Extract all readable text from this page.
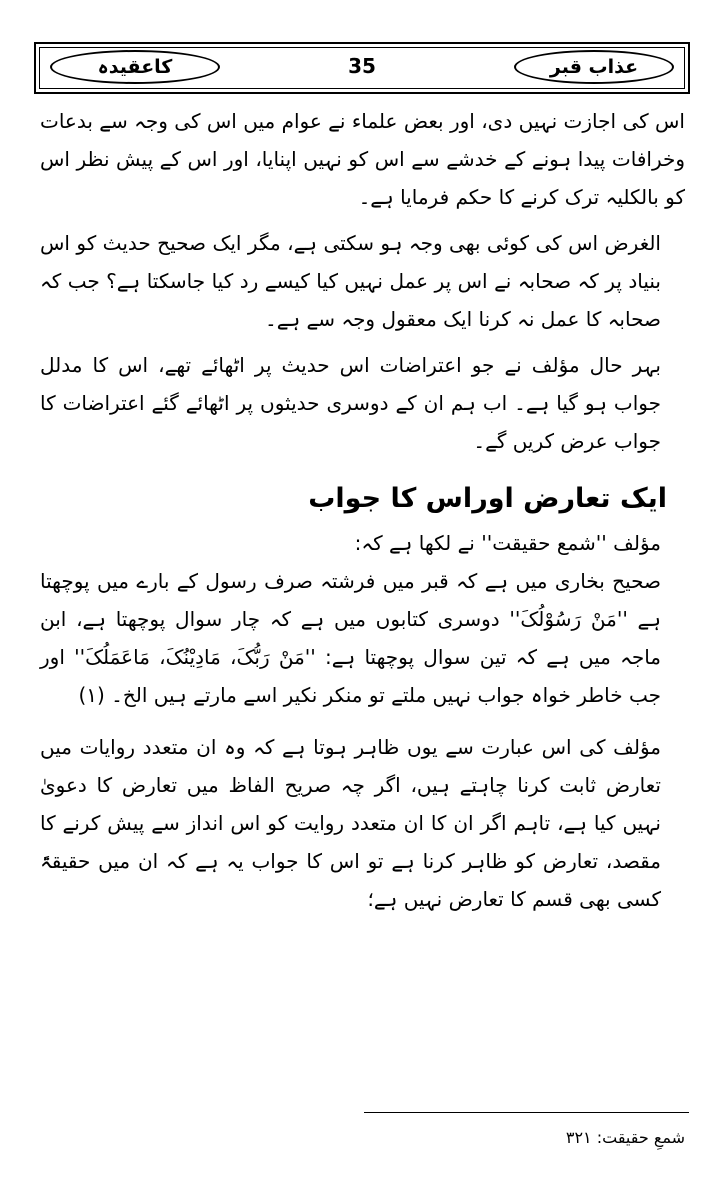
عذاب قبر
35
کاعقیدہ

اس کی اجازت نہیں دی، اور بعض علماء نے عوام میں اس کی وجہ سے بدعات وخرافات پیدا ہونے کے خدشے سے اس کو نہیں اپنایا، اور اس کے پیش نظر اس کو بالکلیہ ترک کرنے کا حکم فرمایا ہے۔

الغرض اس کی کوئی بھی وجہ ہو سکتی ہے، مگر ایک صحیح حدیث کو اس بنیاد پر کہ صحابہ نے اس پر عمل نہیں کیا کیسے رد کیا جاسکتا ہے؟ جب کہ صحابہ کا عمل نہ کرنا ایک معقول وجہ سے ہے۔

بہر حال مؤلف نے جو اعتراضات اس حدیث پر اٹھائے تھے، اس کا مدلل جواب ہو گیا ہے۔ اب ہم ان کے دوسری حدیثوں پر اٹھائے گئے اعتراضات کا جواب عرض کریں گے۔

ایک تعارض اوراس کا جواب

مؤلف ''شمع حقیقت'' نے لکھا ہے کہ:

صحیح بخاری میں ہے کہ قبر میں فرشتہ صرف رسول کے بارے میں پوچھتا ہے ''مَنْ رَسُوْلُکَ'' دوسری کتابوں میں ہے کہ چار سوال پوچھتا ہے، ابن ماجہ میں ہے کہ تین سوال پوچھتا ہے: ''مَنْ رَبُّکَ، مَادِیْنُکَ، مَاعَمَلُکَ'' اور جب خاطر خواہ جواب نہیں ملتے تو منکر نکیر اسے مارتے ہیں الخ۔ (۱)

مؤلف کی اس عبارت سے یوں ظاہر ہوتا ہے کہ وہ ان متعدد روایات میں تعارض ثابت کرنا چاہتے ہیں، اگر چہ صریح الفاظ میں تعارض کا دعویٰ نہیں کیا ہے، تاہم اگر ان کا ان متعدد روایت کو اس انداز سے پیش کرنے کا مقصد، تعارض کو ظاہر کرنا ہے تو اس کا جواب یہ ہے کہ ان میں حقیقۃً کسی بھی قسم کا تعارض نہیں ہے؛

شمعِ حقیقت: ۳۲۱
